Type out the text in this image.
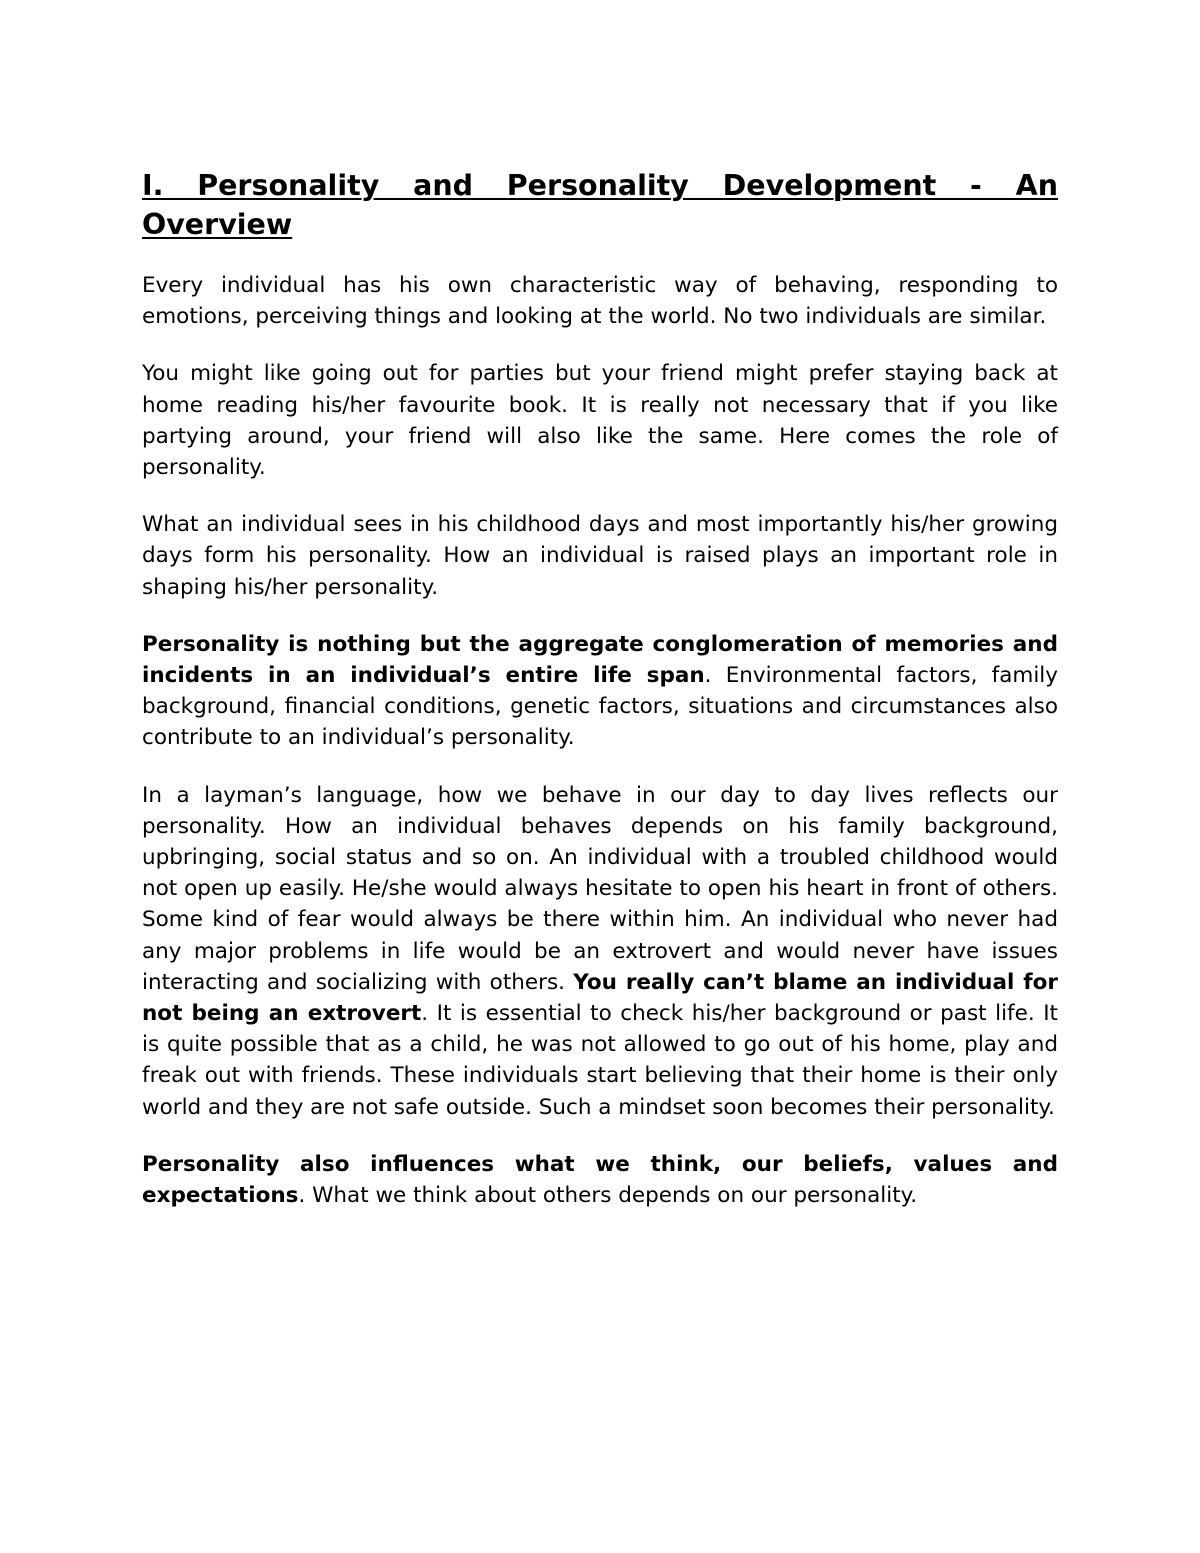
I. Personality and Personality Development - An Overview

Every individual has his own characteristic way of behaving, responding to emotions, perceiving things and looking at the world. No two individuals are similar.

You might like going out for parties but your friend might prefer staying back at home reading his/her favourite book. It is really not necessary that if you like partying around, your friend will also like the same. Here comes the role of personality.

What an individual sees in his childhood days and most importantly his/her growing days form his personality. How an individual is raised plays an important role in shaping his/her personality.

Personality is nothing but the aggregate conglomeration of memories and incidents in an individual’s entire life span. Environmental factors, family background, financial conditions, genetic factors, situations and circumstances also contribute to an individual’s personality.

In a layman’s language, how we behave in our day to day lives reflects our personality. How an individual behaves depends on his family background, upbringing, social status and so on. An individual with a troubled childhood would not open up easily. He/she would always hesitate to open his heart in front of others. Some kind of fear would always be there within him. An individual who never had any major problems in life would be an extrovert and would never have issues interacting and socializing with others. You really can’t blame an individual for not being an extrovert. It is essential to check his/her background or past life. It is quite possible that as a child, he was not allowed to go out of his home, play and freak out with friends. These individuals start believing that their home is their only world and they are not safe outside. Such a mindset soon becomes their personality.

Personality also influences what we think, our beliefs, values and expectations. What we think about others depends on our personality.
